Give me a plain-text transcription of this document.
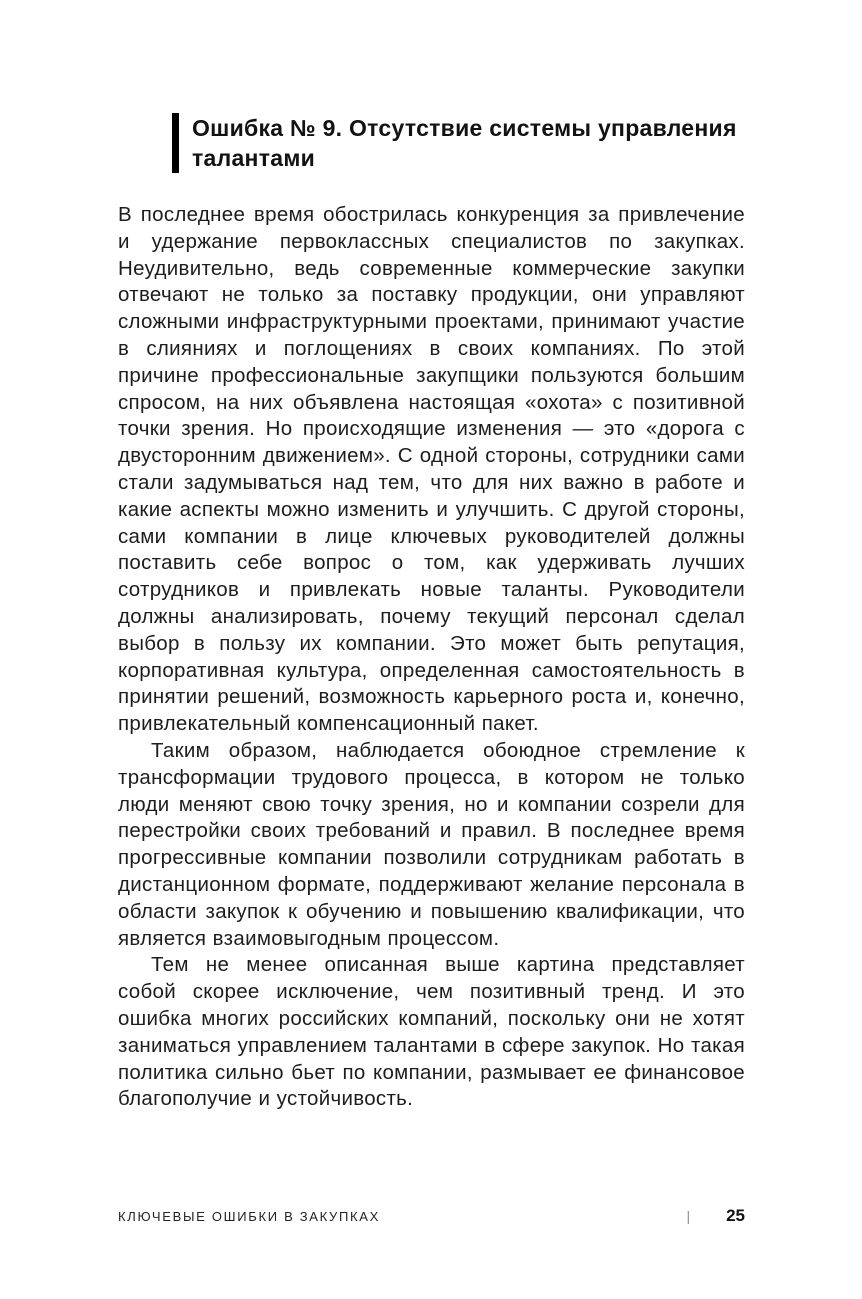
Ошибка № 9. Отсутствие системы управления талантами

В последнее время обострилась конкуренция за привлечение и удержание первоклассных специалистов по закупках. Неудивительно, ведь современные коммерческие закупки отвечают не только за поставку продукции, они управляют сложными инфраструктурными проектами, принимают участие в слияниях и поглощениях в своих компаниях. По этой причине профессиональные закупщики пользуются большим спросом, на них объявлена настоящая «охота» с позитивной точки зрения. Но происходящие изменения — это «дорога с двусторонним движением». С одной стороны, сотрудники сами стали задумываться над тем, что для них важно в работе и какие аспекты можно изменить и улучшить. С другой стороны, сами компании в лице ключевых руководителей должны поставить себе вопрос о том, как удерживать лучших сотрудников и привлекать новые таланты. Руководители должны анализировать, почему текущий персонал сделал выбор в пользу их компании. Это может быть репутация, корпоративная культура, определенная самостоятельность в принятии решений, возможность карьерного роста и, конечно, привлекательный компенсационный пакет.

Таким образом, наблюдается обоюдное стремление к трансформации трудового процесса, в котором не только люди меняют свою точку зрения, но и компании созрели для перестройки своих требований и правил. В последнее время прогрессивные компании позволили сотрудникам работать в дистанционном формате, поддерживают желание персонала в области закупок к обучению и повышению квалификации, что является взаимовыгодным процессом.

Тем не менее описанная выше картина представляет собой скорее исключение, чем позитивный тренд. И это ошибка многих российских компаний, поскольку они не хотят заниматься управлением талантами в сфере закупок. Но такая политика сильно бьет по компании, размывает ее финансовое благополучие и устойчивость.

КЛЮЧЕВЫЕ ОШИБКИ В ЗАКУПКАХ	| 25
